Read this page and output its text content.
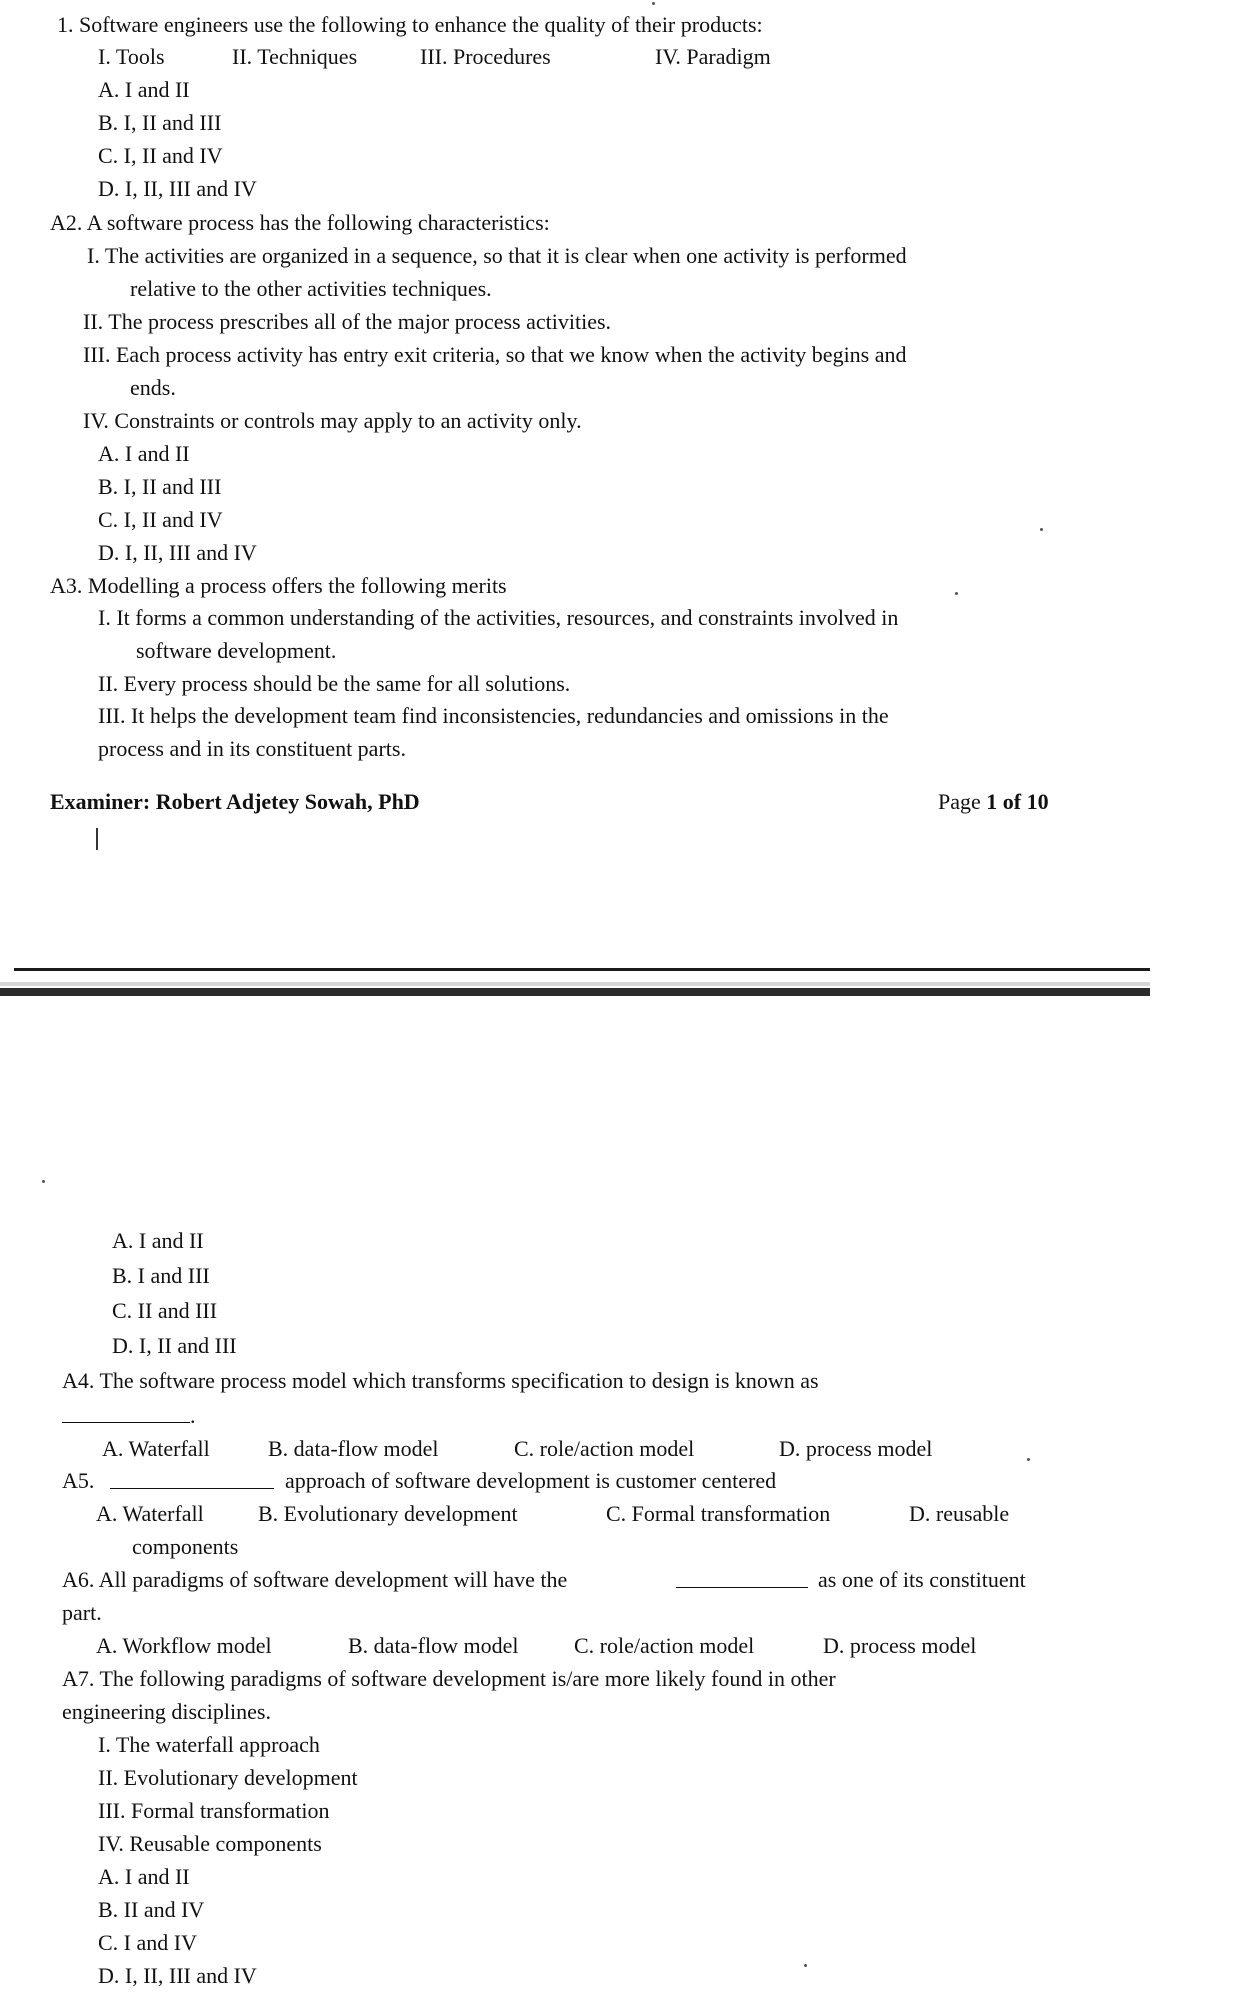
1. Software engineers use the following to enhance the quality of their products:
I. Tools	II. Techniques	III. Procedures	IV. Paradigm
A. I and II
B. I, II and III
C. I, II and IV
D. I, II, III and IV
A2. A software process has the following characteristics:
I. The activities are organized in a sequence, so that it is clear when one activity is performed
relative to the other activities techniques.
II. The process prescribes all of the major process activities.
III. Each process activity has entry exit criteria, so that we know when the activity begins and
ends.
IV. Constraints or controls may apply to an activity only.
A. I and II
B. I, II and III
C. I, II and IV
D. I, II, III and IV
A3. Modelling a process offers the following merits
I. It forms a common understanding of the activities, resources, and constraints involved in
software development.
II. Every process should be the same for all solutions.
III. It helps the development team find inconsistencies, redundancies and omissions in the
process and in its constituent parts.
Examiner: Robert Adjetey Sowah, PhD	Page 1 of 10
A. I and II
B. I and III
C. II and III
D. I, II and III
A4. The software process model which transforms specification to design is known as
.
A. Waterfall	B. data-flow model	C. role/action model	D. process model
A5.	approach of software development is customer centered
A. Waterfall B. Evolutionary development	C. Formal transformation	D. reusable
components
A6. All paradigms of software development will have the	as one of its constituent
part.
A. Workflow model	B. data-flow model	C. role/action model	D. process model
A7. The following paradigms of software development is/are more likely found in other
engineering disciplines.
I. The waterfall approach
II. Evolutionary development
III. Formal transformation
IV. Reusable components
A. I and II
B. II and IV
C. I and IV
D. I, II, III and IV
